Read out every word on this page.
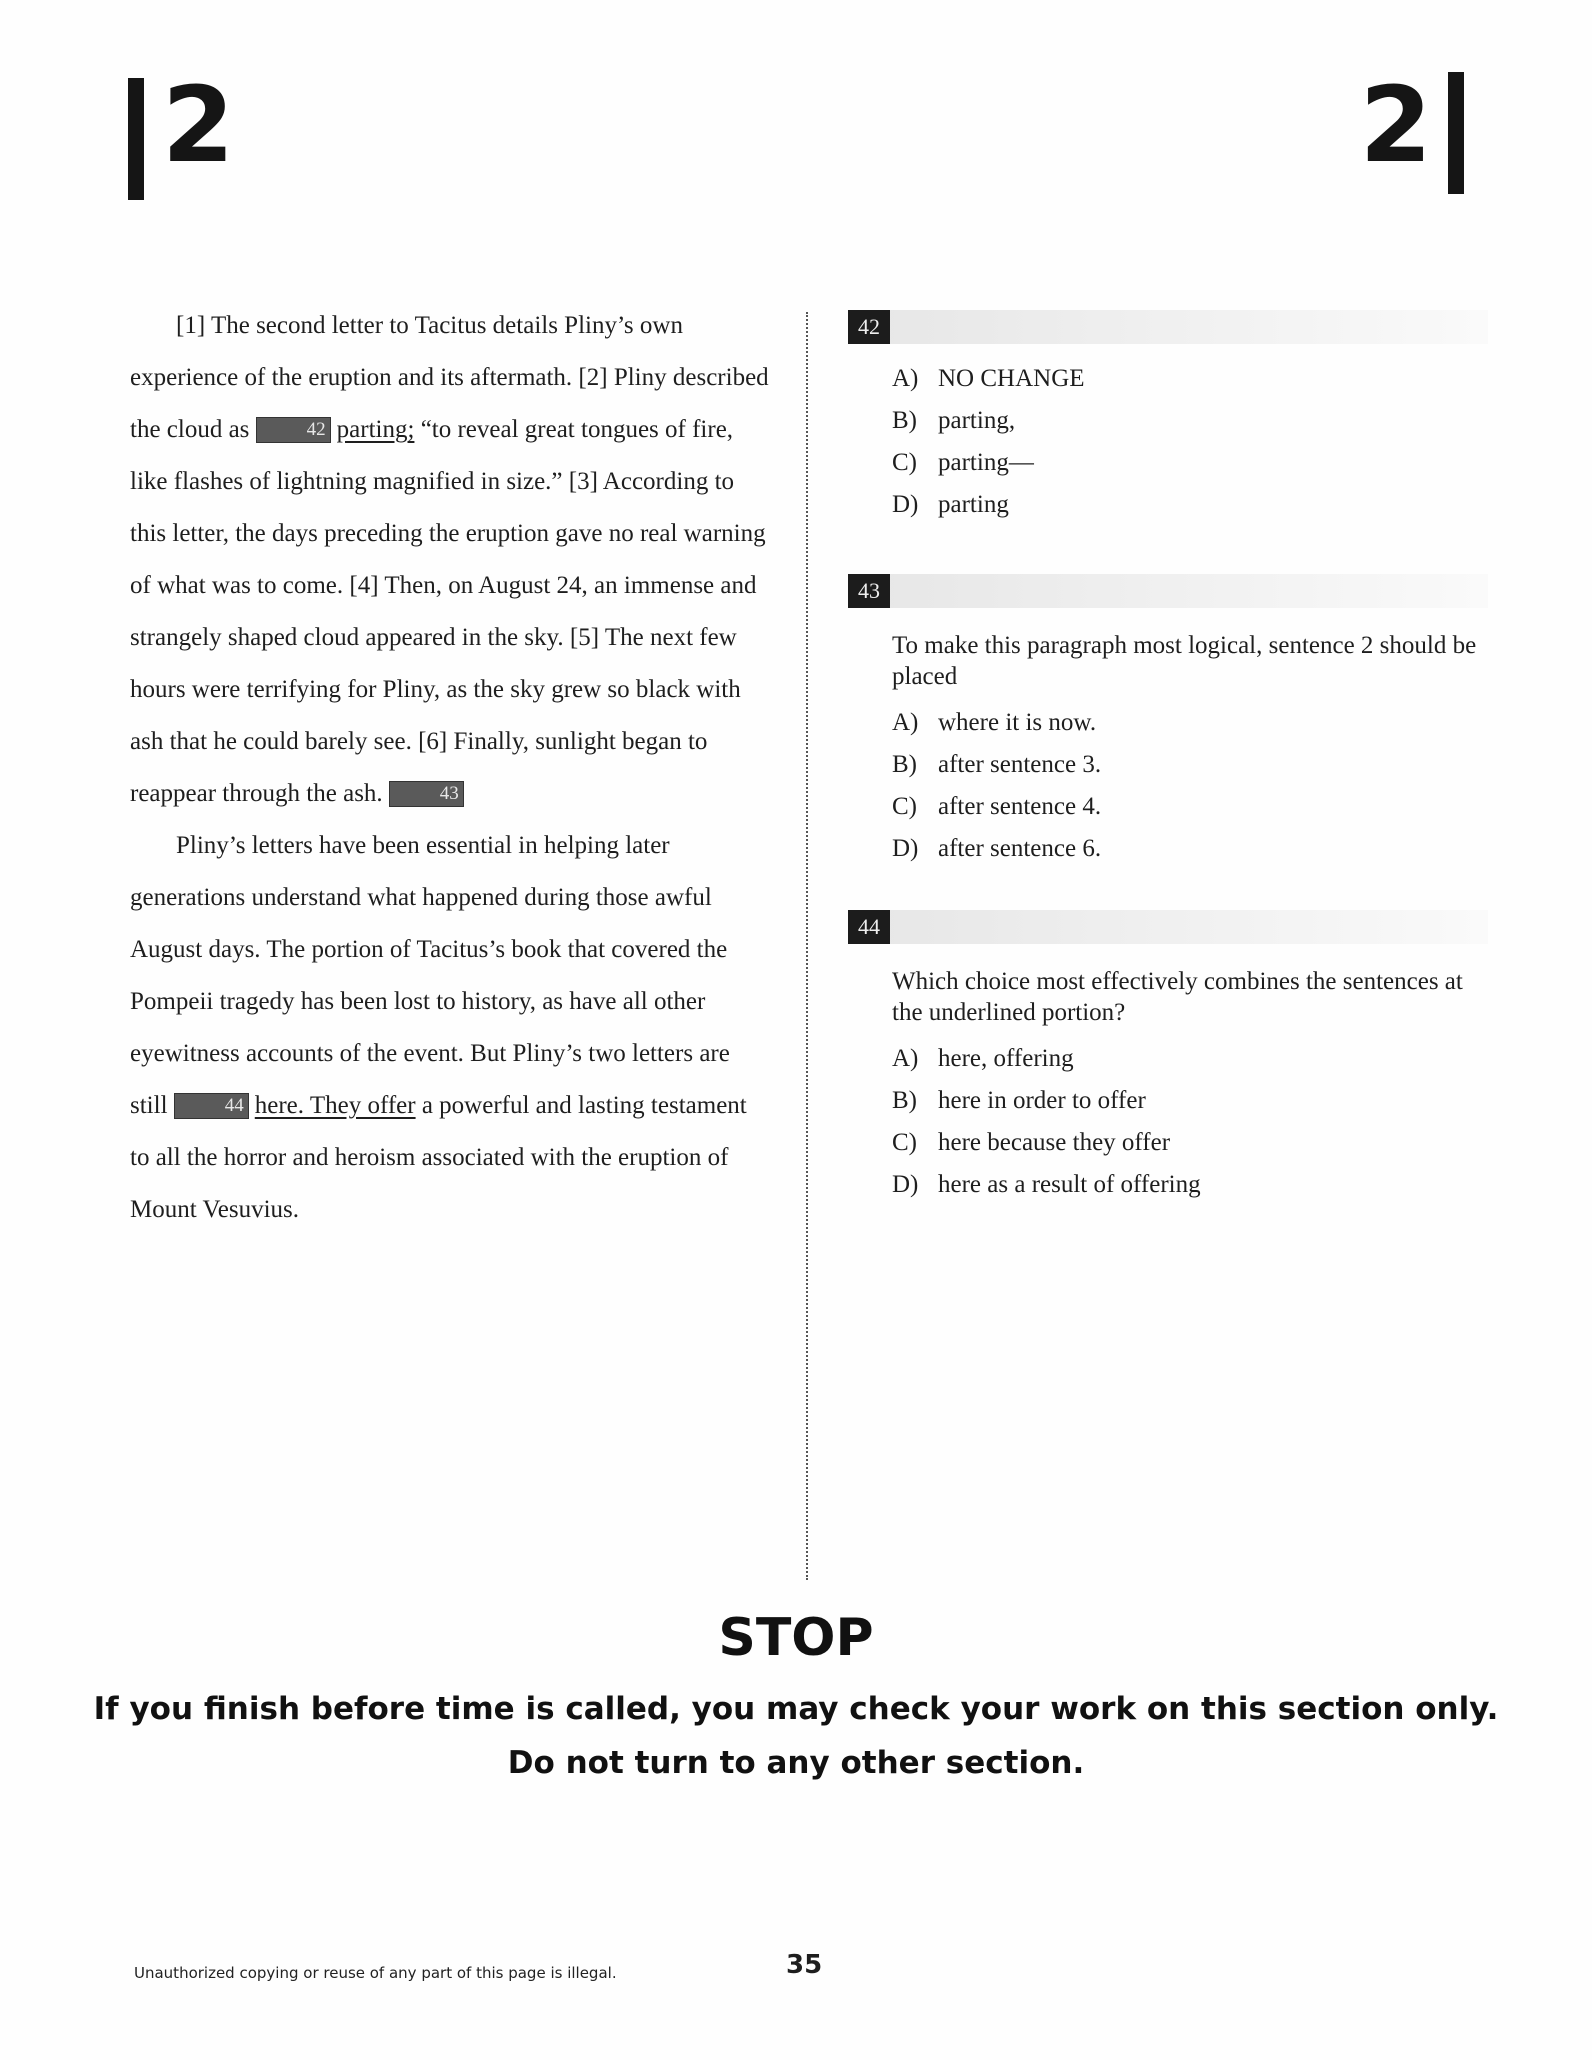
2	2

[1] The second letter to Tacitus details Pliny’s own experience of the eruption and its aftermath. [2] Pliny described the cloud as	42 parting; “to reveal great tongues of fire, like flashes of lightning magnified in size.” [3] According to this letter, the days preceding the eruption gave no real warning of what was to come. [4] Then, on August 24, an immense and strangely shaped cloud appeared in the sky. [5] The next few hours were terrifying for Pliny, as the sky grew so black with ash that he could barely see. [6] Finally, sunlight began to reappear through the ash.	43

Pliny’s letters have been essential in helping later generations understand what happened during those awful August days. The portion of Tacitus’s book that covered the Pompeii tragedy has been lost to history, as have all other eyewitness accounts of the event. But Pliny’s two letters are still	44 here. They offer a powerful and lasting testament to all the horror and heroism associated with the eruption of Mount Vesuvius.

42
A) NO CHANGE
B) parting,
C) parting—
D) parting
43
To make this paragraph most logical, sentence 2 should be placed
A) where it is now.
B) after sentence 3.
C) after sentence 4.
D) after sentence 6.
44
Which choice most effectively combines the sentences at the underlined portion?
A) here, offering
B) here in order to offer
C) here because they offer
D) here as a result of offering
STOP
If you finish before time is called, you may check your work on this section only.
Do not turn to any other section.
Unauthorized copying or reuse of any part of this page is illegal.	35
